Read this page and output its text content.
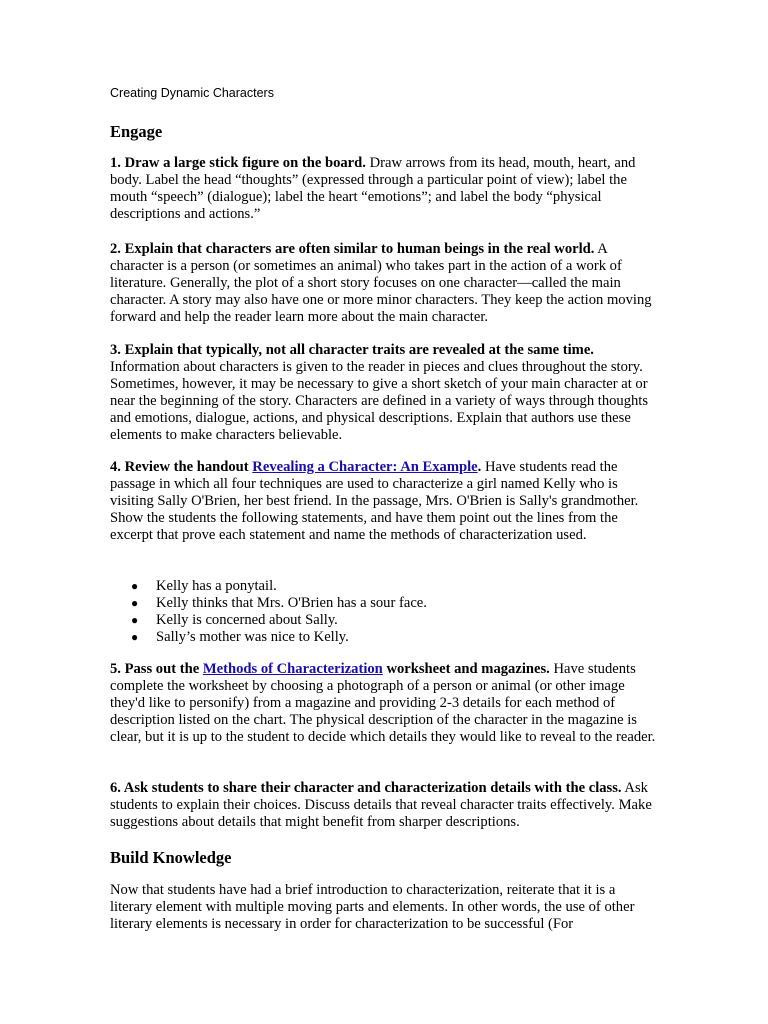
Creating Dynamic Characters
Engage
1. Draw a large stick figure on the board. Draw arrows from its head, mouth, heart, and body. Label the head “thoughts” (expressed through a particular point of view); label the mouth “speech” (dialogue); label the heart “emotions”; and label the body “physical descriptions and actions.”
2. Explain that characters are often similar to human beings in the real world. A character is a person (or sometimes an animal) who takes part in the action of a work of literature. Generally, the plot of a short story focuses on one character—called the main character. A story may also have one or more minor characters. They keep the action moving forward and help the reader learn more about the main character.
3. Explain that typically, not all character traits are revealed at the same time. Information about characters is given to the reader in pieces and clues throughout the story. Sometimes, however, it may be necessary to give a short sketch of your main character at or near the beginning of the story. Characters are defined in a variety of ways through thoughts and emotions, dialogue, actions, and physical descriptions. Explain that authors use these elements to make characters believable.
4. Review the handout Revealing a Character: An Example. Have students read the passage in which all four techniques are used to characterize a girl named Kelly who is visiting Sally O'Brien, her best friend. In the passage, Mrs. O'Brien is Sally's grandmother. Show the students the following statements, and have them point out the lines from the excerpt that prove each statement and name the methods of characterization used.
● Kelly has a ponytail.
● Kelly thinks that Mrs. O'Brien has a sour face.
● Kelly is concerned about Sally.
● Sally’s mother was nice to Kelly.
5. Pass out the Methods of Characterization worksheet and magazines. Have students complete the worksheet by choosing a photograph of a person or animal (or other image they'd like to personify) from a magazine and providing 2-3 details for each method of description listed on the chart. The physical description of the character in the magazine is clear, but it is up to the student to decide which details they would like to reveal to the reader.
6. Ask students to share their character and characterization details with the class. Ask students to explain their choices. Discuss details that reveal character traits effectively. Make suggestions about details that might benefit from sharper descriptions.
Build Knowledge
Now that students have had a brief introduction to characterization, reiterate that it is a literary element with multiple moving parts and elements. In other words, the use of other literary elements is necessary in order for characterization to be successful (For
